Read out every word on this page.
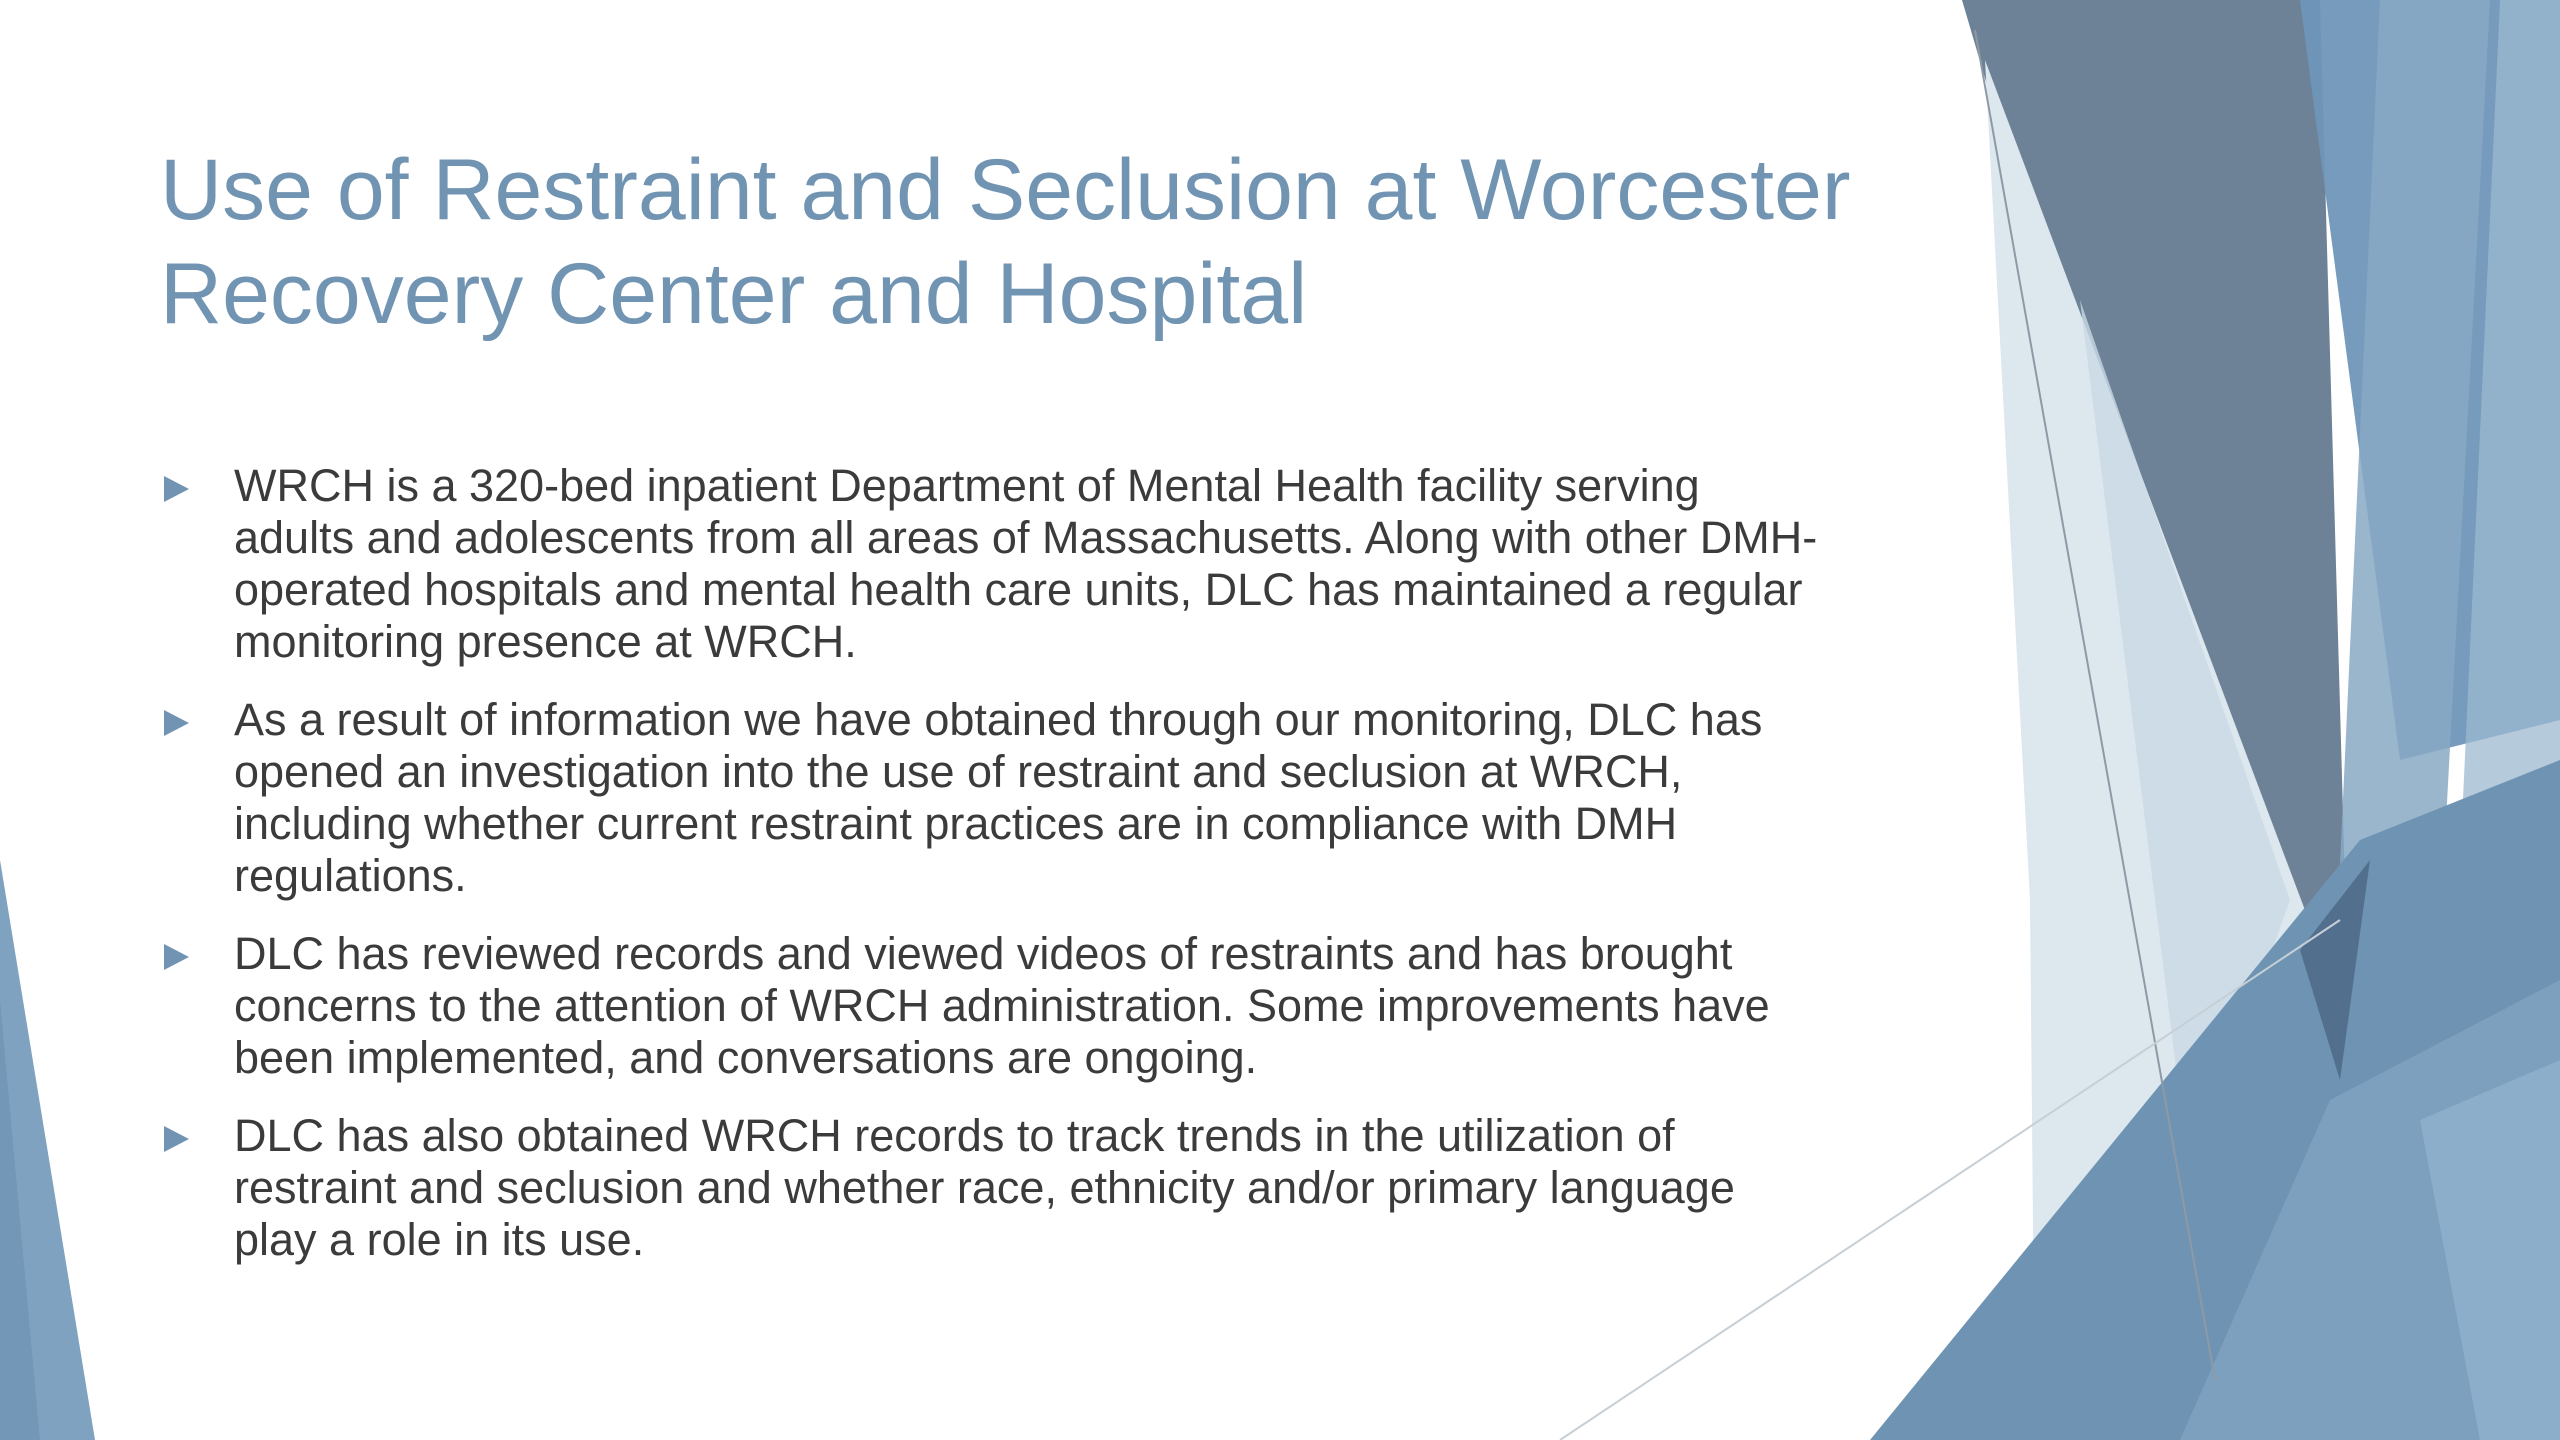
Use of Restraint and Seclusion at Worcester
Recovery Center and Hospital
WRCH is a 320-bed inpatient Department of Mental Health facility serving
adults and adolescents from all areas of Massachusetts. Along with other DMH-
operated hospitals and mental health care units, DLC has maintained a regular
monitoring presence at WRCH.
As a result of information we have obtained through our monitoring, DLC has
opened an investigation into the use of restraint and seclusion at WRCH,
including whether current restraint practices are in compliance with DMH
regulations.
DLC has reviewed records and viewed videos of restraints and has brought
concerns to the attention of WRCH administration. Some improvements have
been implemented, and conversations are ongoing.
DLC has also obtained WRCH records to track trends in the utilization of
restraint and seclusion and whether race, ethnicity and/or primary language
play a role in its use.
